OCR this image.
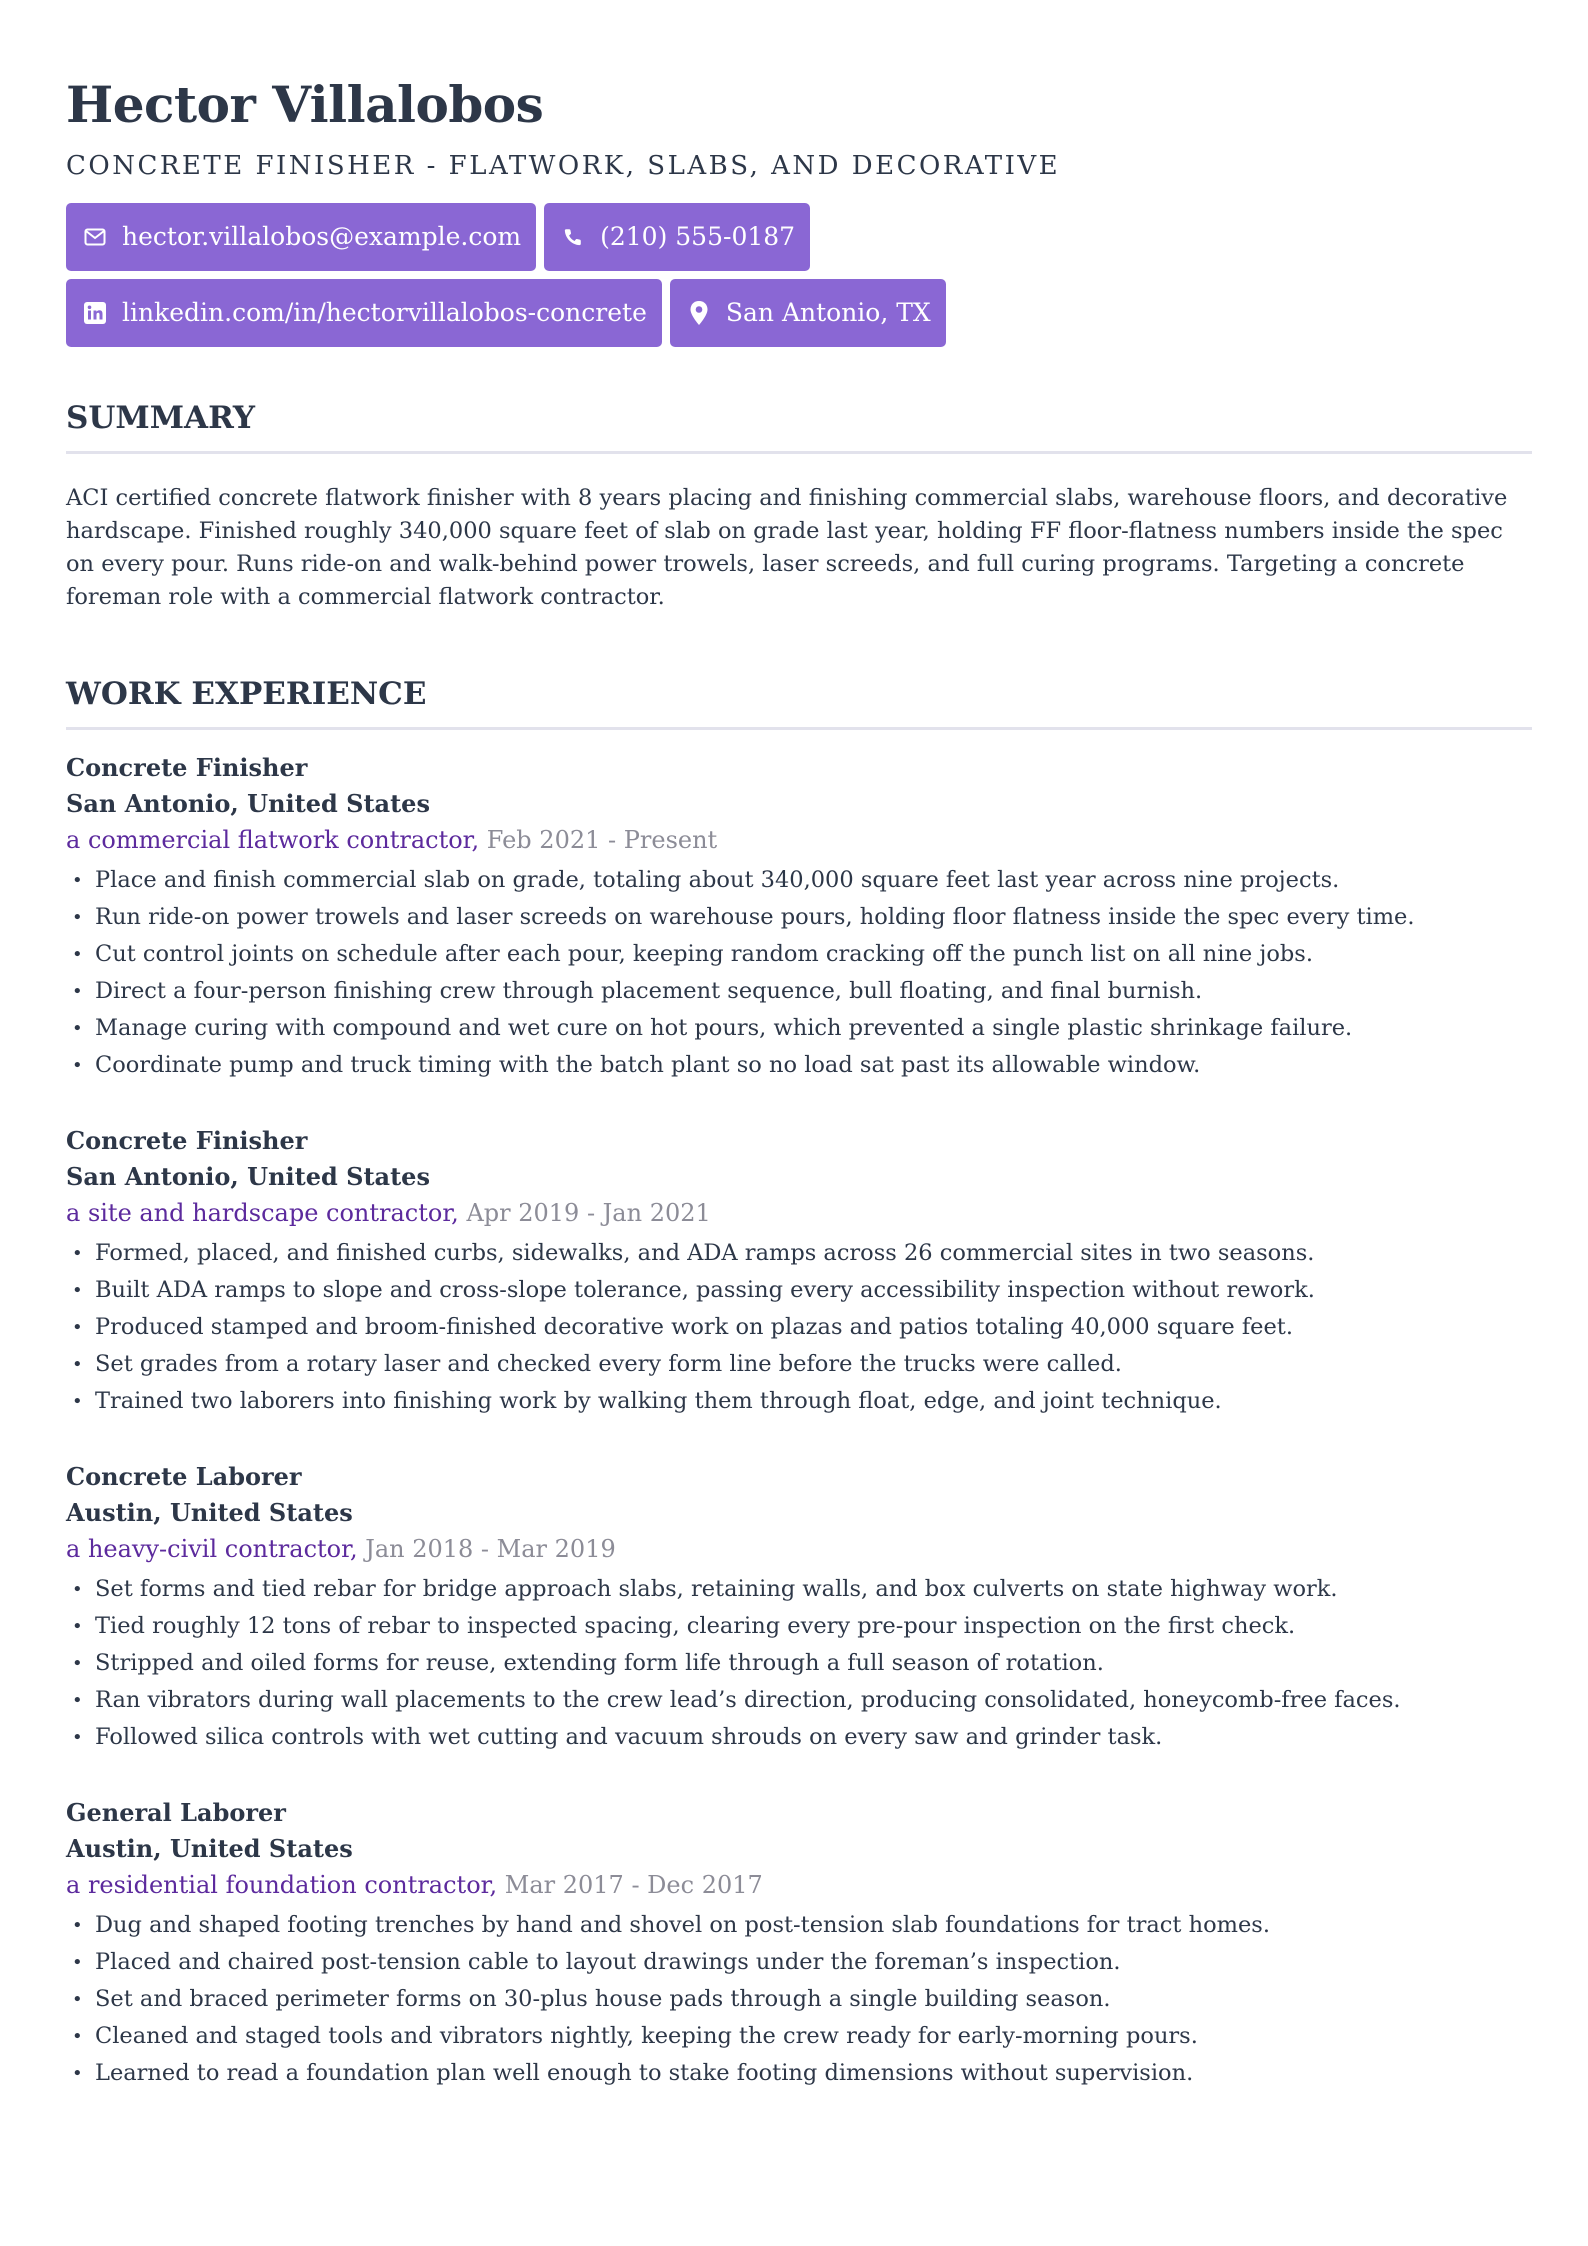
Hector Villalobos
CONCRETE FINISHER - FLATWORK, SLABS, AND DECORATIVE
hector.villalobos@example.com	(210) 555-0187
linkedin.com/in/hectorvillalobos-concrete	San Antonio, TX
SUMMARY

ACI certified concrete flatwork finisher with 8 years placing and finishing commercial slabs, warehouse floors, and decorative hardscape. Finished roughly 340,000 square feet of slab on grade last year, holding FF floor-flatness numbers inside the spec on every pour. Runs ride-on and walk-behind power trowels, laser screeds, and full curing programs. Targeting a concrete foreman role with a commercial flatwork contractor.

WORK EXPERIENCE
Concrete Finisher
San Antonio, United States
a commercial flatwork contractor, Feb 2021 - Present
• Place and finish commercial slab on grade, totaling about 340,000 square feet last year across nine projects.
• Run ride-on power trowels and laser screeds on warehouse pours, holding floor flatness inside the spec every time.
• Cut control joints on schedule after each pour, keeping random cracking off the punch list on all nine jobs.
• Direct a four-person finishing crew through placement sequence, bull floating, and final burnish.
• Manage curing with compound and wet cure on hot pours, which prevented a single plastic shrinkage failure.
• Coordinate pump and truck timing with the batch plant so no load sat past its allowable window.
Concrete Finisher
San Antonio, United States
a site and hardscape contractor, Apr 2019 - Jan 2021
• Formed, placed, and finished curbs, sidewalks, and ADA ramps across 26 commercial sites in two seasons.
• Built ADA ramps to slope and cross-slope tolerance, passing every accessibility inspection without rework.
• Produced stamped and broom-finished decorative work on plazas and patios totaling 40,000 square feet.
• Set grades from a rotary laser and checked every form line before the trucks were called.
• Trained two laborers into finishing work by walking them through float, edge, and joint technique.
Concrete Laborer
Austin, United States
a heavy-civil contractor, Jan 2018 - Mar 2019
• Set forms and tied rebar for bridge approach slabs, retaining walls, and box culverts on state highway work.
• Tied roughly 12 tons of rebar to inspected spacing, clearing every pre-pour inspection on the first check.
• Stripped and oiled forms for reuse, extending form life through a full season of rotation.
• Ran vibrators during wall placements to the crew lead’s direction, producing consolidated, honeycomb-free faces.
• Followed silica controls with wet cutting and vacuum shrouds on every saw and grinder task.
General Laborer
Austin, United States
a residential foundation contractor, Mar 2017 - Dec 2017
• Dug and shaped footing trenches by hand and shovel on post-tension slab foundations for tract homes.
• Placed and chaired post-tension cable to layout drawings under the foreman’s inspection.
• Set and braced perimeter forms on 30-plus house pads through a single building season.
• Cleaned and staged tools and vibrators nightly, keeping the crew ready for early-morning pours.
• Learned to read a foundation plan well enough to stake footing dimensions without supervision.
